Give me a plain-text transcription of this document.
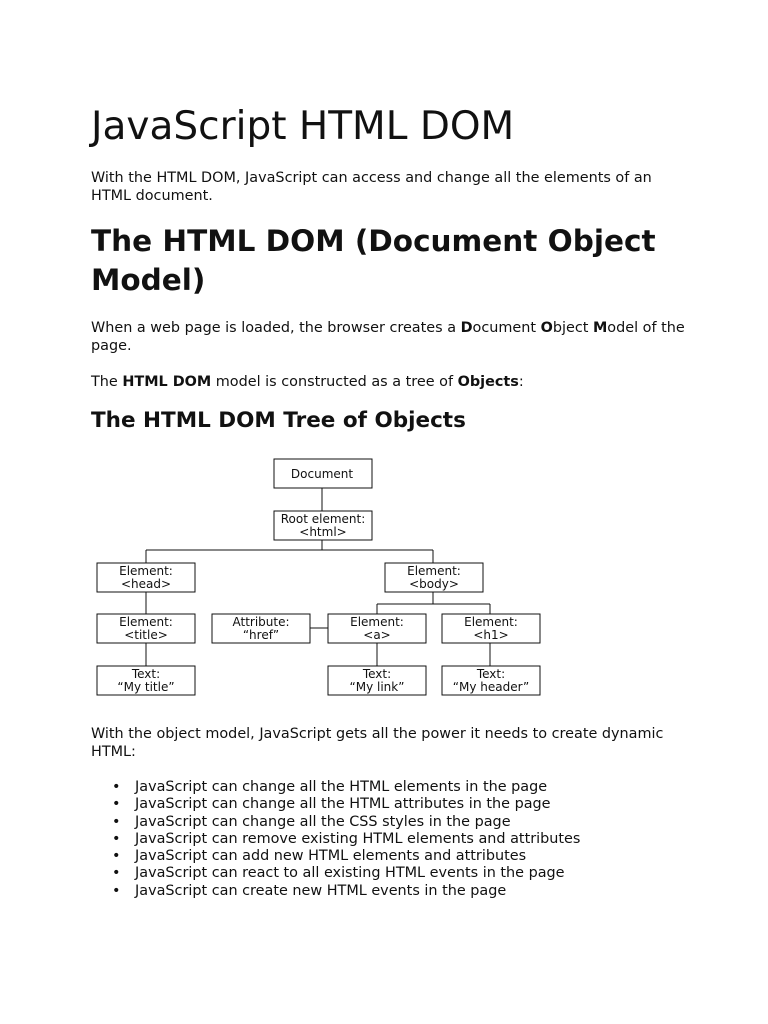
JavaScript HTML DOM

With the HTML DOM, JavaScript can access and change all the elements of an HTML document.

The HTML DOM (Document Object Model)

When a web page is loaded, the browser creates a Document Object Model of the page.

The HTML DOM model is constructed as a tree of Objects:

The HTML DOM Tree of Objects

With the object model, JavaScript gets all the power it needs to create dynamic HTML:

• JavaScript can change all the HTML elements in the page
• JavaScript can change all the HTML attributes in the page
• JavaScript can change all the CSS styles in the page
• JavaScript can remove existing HTML elements and attributes
• JavaScript can add new HTML elements and attributes
• JavaScript can react to all existing HTML events in the page
• JavaScript can create new HTML events in the page
Document
Root element:
<html>
Element:
<head>
Element:
<body>
Element:
<title>
Attribute:
“href”
Element:
<a>
Element:
<h1>
Text:
“My title”
Text:
“My link”
Text:
“My header”
